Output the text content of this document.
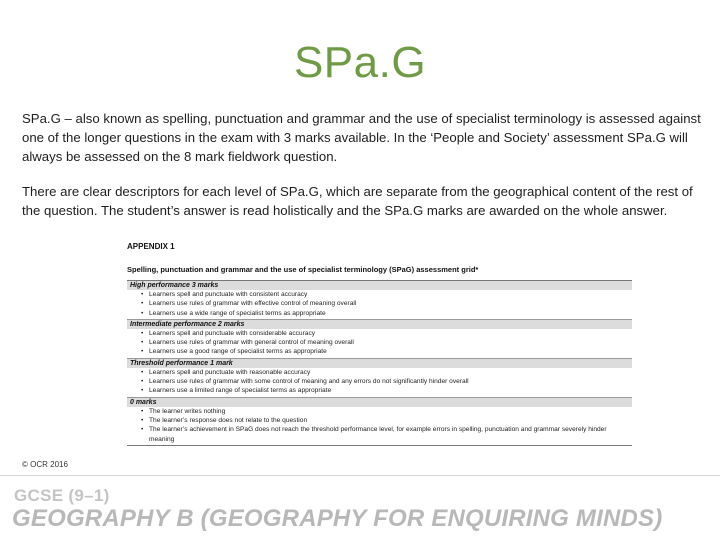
SPa.G
SPa.G – also known as spelling, punctuation and grammar and the use of specialist terminology is assessed against one of the longer questions in the exam with 3 marks available. In the ‘People and Society’ assessment SPa.G will always be assessed on the 8 mark fieldwork question.
There are clear descriptors for each level of SPa.G, which are separate from the geographical content of the rest of the question. The student’s answer is read holistically and the SPa.G marks are awarded on the whole answer.
APPENDIX 1
Spelling, punctuation and grammar and the use of specialist terminology (SPaG) assessment grid*
High performance 3 marks
• Learners spell and punctuate with consistent accuracy
• Learners use rules of grammar with effective control of meaning overall
• Learners use a wide range of specialist terms as appropriate
Intermediate performance 2 marks
• Learners spell and punctuate with considerable accuracy
• Learners use rules of grammar with general control of meaning overall
• Learners use a good range of specialist terms as appropriate
Threshold performance 1 mark
• Learners spell and punctuate with reasonable accuracy
• Learners use rules of grammar with some control of meaning and any errors do not significantly hinder overall
• Learners use a limited range of specialist terms as appropriate
0 marks
• The learner writes nothing
• The learner’s response does not relate to the question
• The learner’s achievement in SPaG does not reach the threshold performance level, for example errors in spelling, punctuation and grammar severely hinder meaning
© OCR 2016
GCSE (9–1)
GEOGRAPHY B (GEOGRAPHY FOR ENQUIRING MINDS)
